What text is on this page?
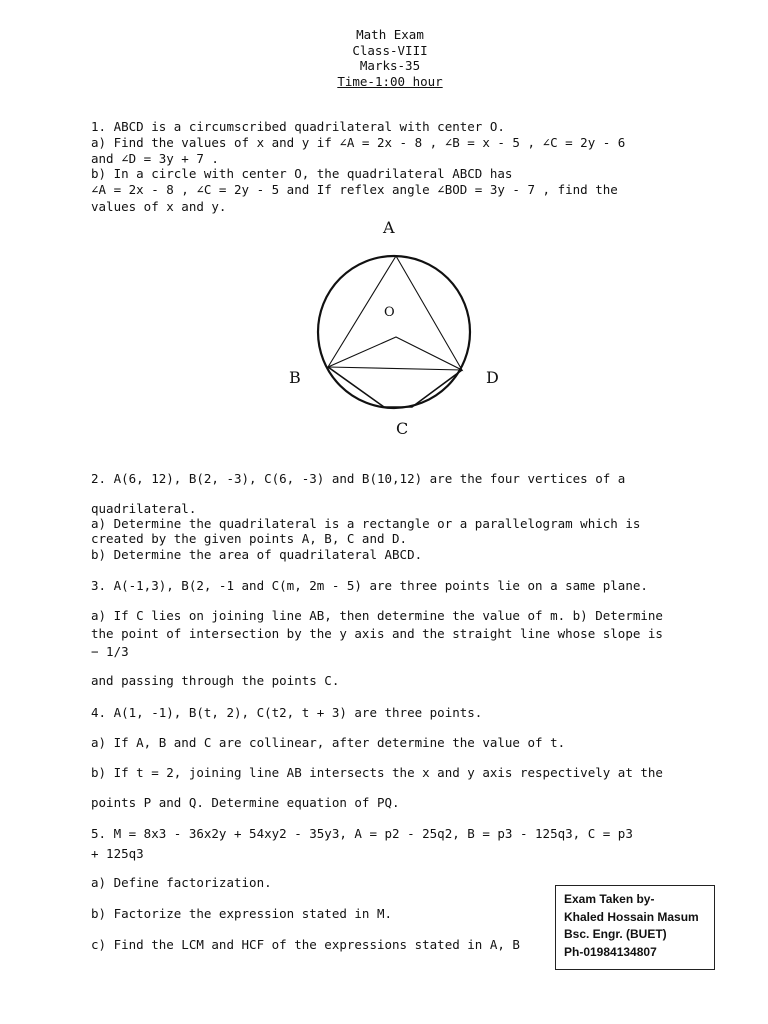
Math Exam
Class-VIII
Marks-35
Time-1:00 hour
1. ABCD is a circumscribed quadrilateral with center O.
a) Find the values of x and y if ∠A = 2x - 8 , ∠B = x - 5 , ∠C = 2y - 6
and ∠D = 3y + 7 .
b) In a circle with center O, the quadrilateral ABCD has
∠A = 2x - 8 , ∠C = 2y - 5 and If reflex angle ∠BOD = 3y - 7 , find the
values of x and y.
A
B
C
D
O
2. A(6, 12), B(2, -3), C(6, -3) and B(10,12) are the four vertices of a
quadrilateral.
a) Determine the quadrilateral is a rectangle or a parallelogram which is
created by the given points A, B, C and D.
b) Determine the area of quadrilateral ABCD.
3. A(-1,3), B(2, -1 and C(m, 2m - 5) are three points lie on a same plane.
a) If C lies on joining line AB, then determine the value of m. b) Determine
the point of intersection by the y axis and the straight line whose slope is
− 1/3
and passing through the points C.
4. A(1, -1), B(t, 2), C(t2, t + 3) are three points.
a) If A, B and C are collinear, after determine the value of t.
b) If t = 2, joining line AB intersects the x and y axis respectively at the
points P and Q. Determine equation of PQ.
5. M = 8x3 - 36x2y + 54xy2 - 35y3, A = p2 - 25q2, B = p3 - 125q3, C = p3
+ 125q3
a) Define factorization.
b) Factorize the expression stated in M.
c) Find the LCM and HCF of the expressions stated in A, B
Exam Taken by-
Khaled Hossain Masum
Bsc. Engr. (BUET)
Ph-01984134807
